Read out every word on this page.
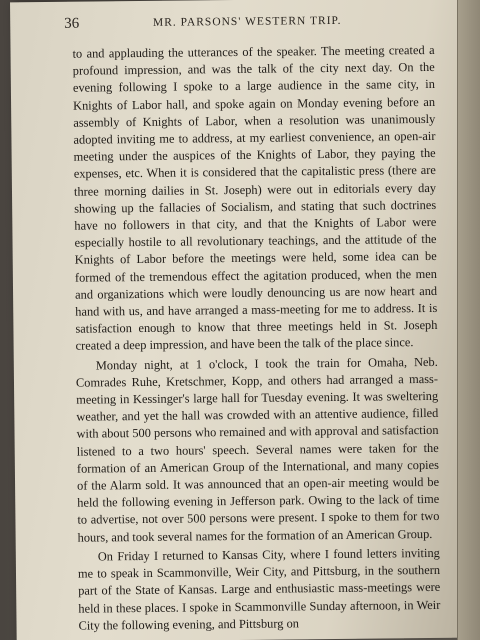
36	MR. PARSONS' WESTERN TRIP.

to and applauding the utterances of the speaker. The meeting created a profound impression, and was the talk of the city next day. On the evening following I spoke to a large audience in the same city, in Knights of Labor hall, and spoke again on Monday evening before an assembly of Knights of Labor, when a resolution was unanimously adopted inviting me to address, at my earliest convenience, an open-air meeting under the auspices of the Knights of Labor, they paying the expenses, etc. When it is considered that the capitalistic press (there are three morning dailies in St. Joseph) were out in editorials every day showing up the fallacies of Socialism, and stating that such doctrines have no followers in that city, and that the Knights of Labor were especially hostile to all revolutionary teachings, and the attitude of the Knights of Labor before the meetings were held, some idea can be formed of the tremendous effect the agitation produced, when the men and organizations which were loudly denouncing us are now heart and hand with us, and have arranged a mass-meeting for me to address. It is satisfaction enough to know that three meetings held in St. Joseph created a deep impression, and have been the talk of the place since.

Monday night, at 1 o'clock, I took the train for Omaha, Neb. Comrades Ruhe, Kretschmer, Kopp, and others had arranged a mass-meeting in Kessinger's large hall for Tuesday evening. It was sweltering weather, and yet the hall was crowded with an attentive audience, filled with about 500 persons who remained and with approval and satisfaction listened to a two hours' speech. Several names were taken for the formation of an American Group of the International, and many copies of the Alarm sold. It was announced that an open-air meeting would be held the following evening in Jefferson park. Owing to the lack of time to advertise, not over 500 persons were present. I spoke to them for two hours, and took several names for the formation of an American Group.

On Friday I returned to Kansas City, where I found letters inviting me to speak in Scammonville, Weir City, and Pittsburg, in the southern part of the State of Kansas. Large and enthusiastic mass-meetings were held in these places. I spoke in Scammonville Sunday afternoon, in Weir City the following evening, and Pittsburg on
